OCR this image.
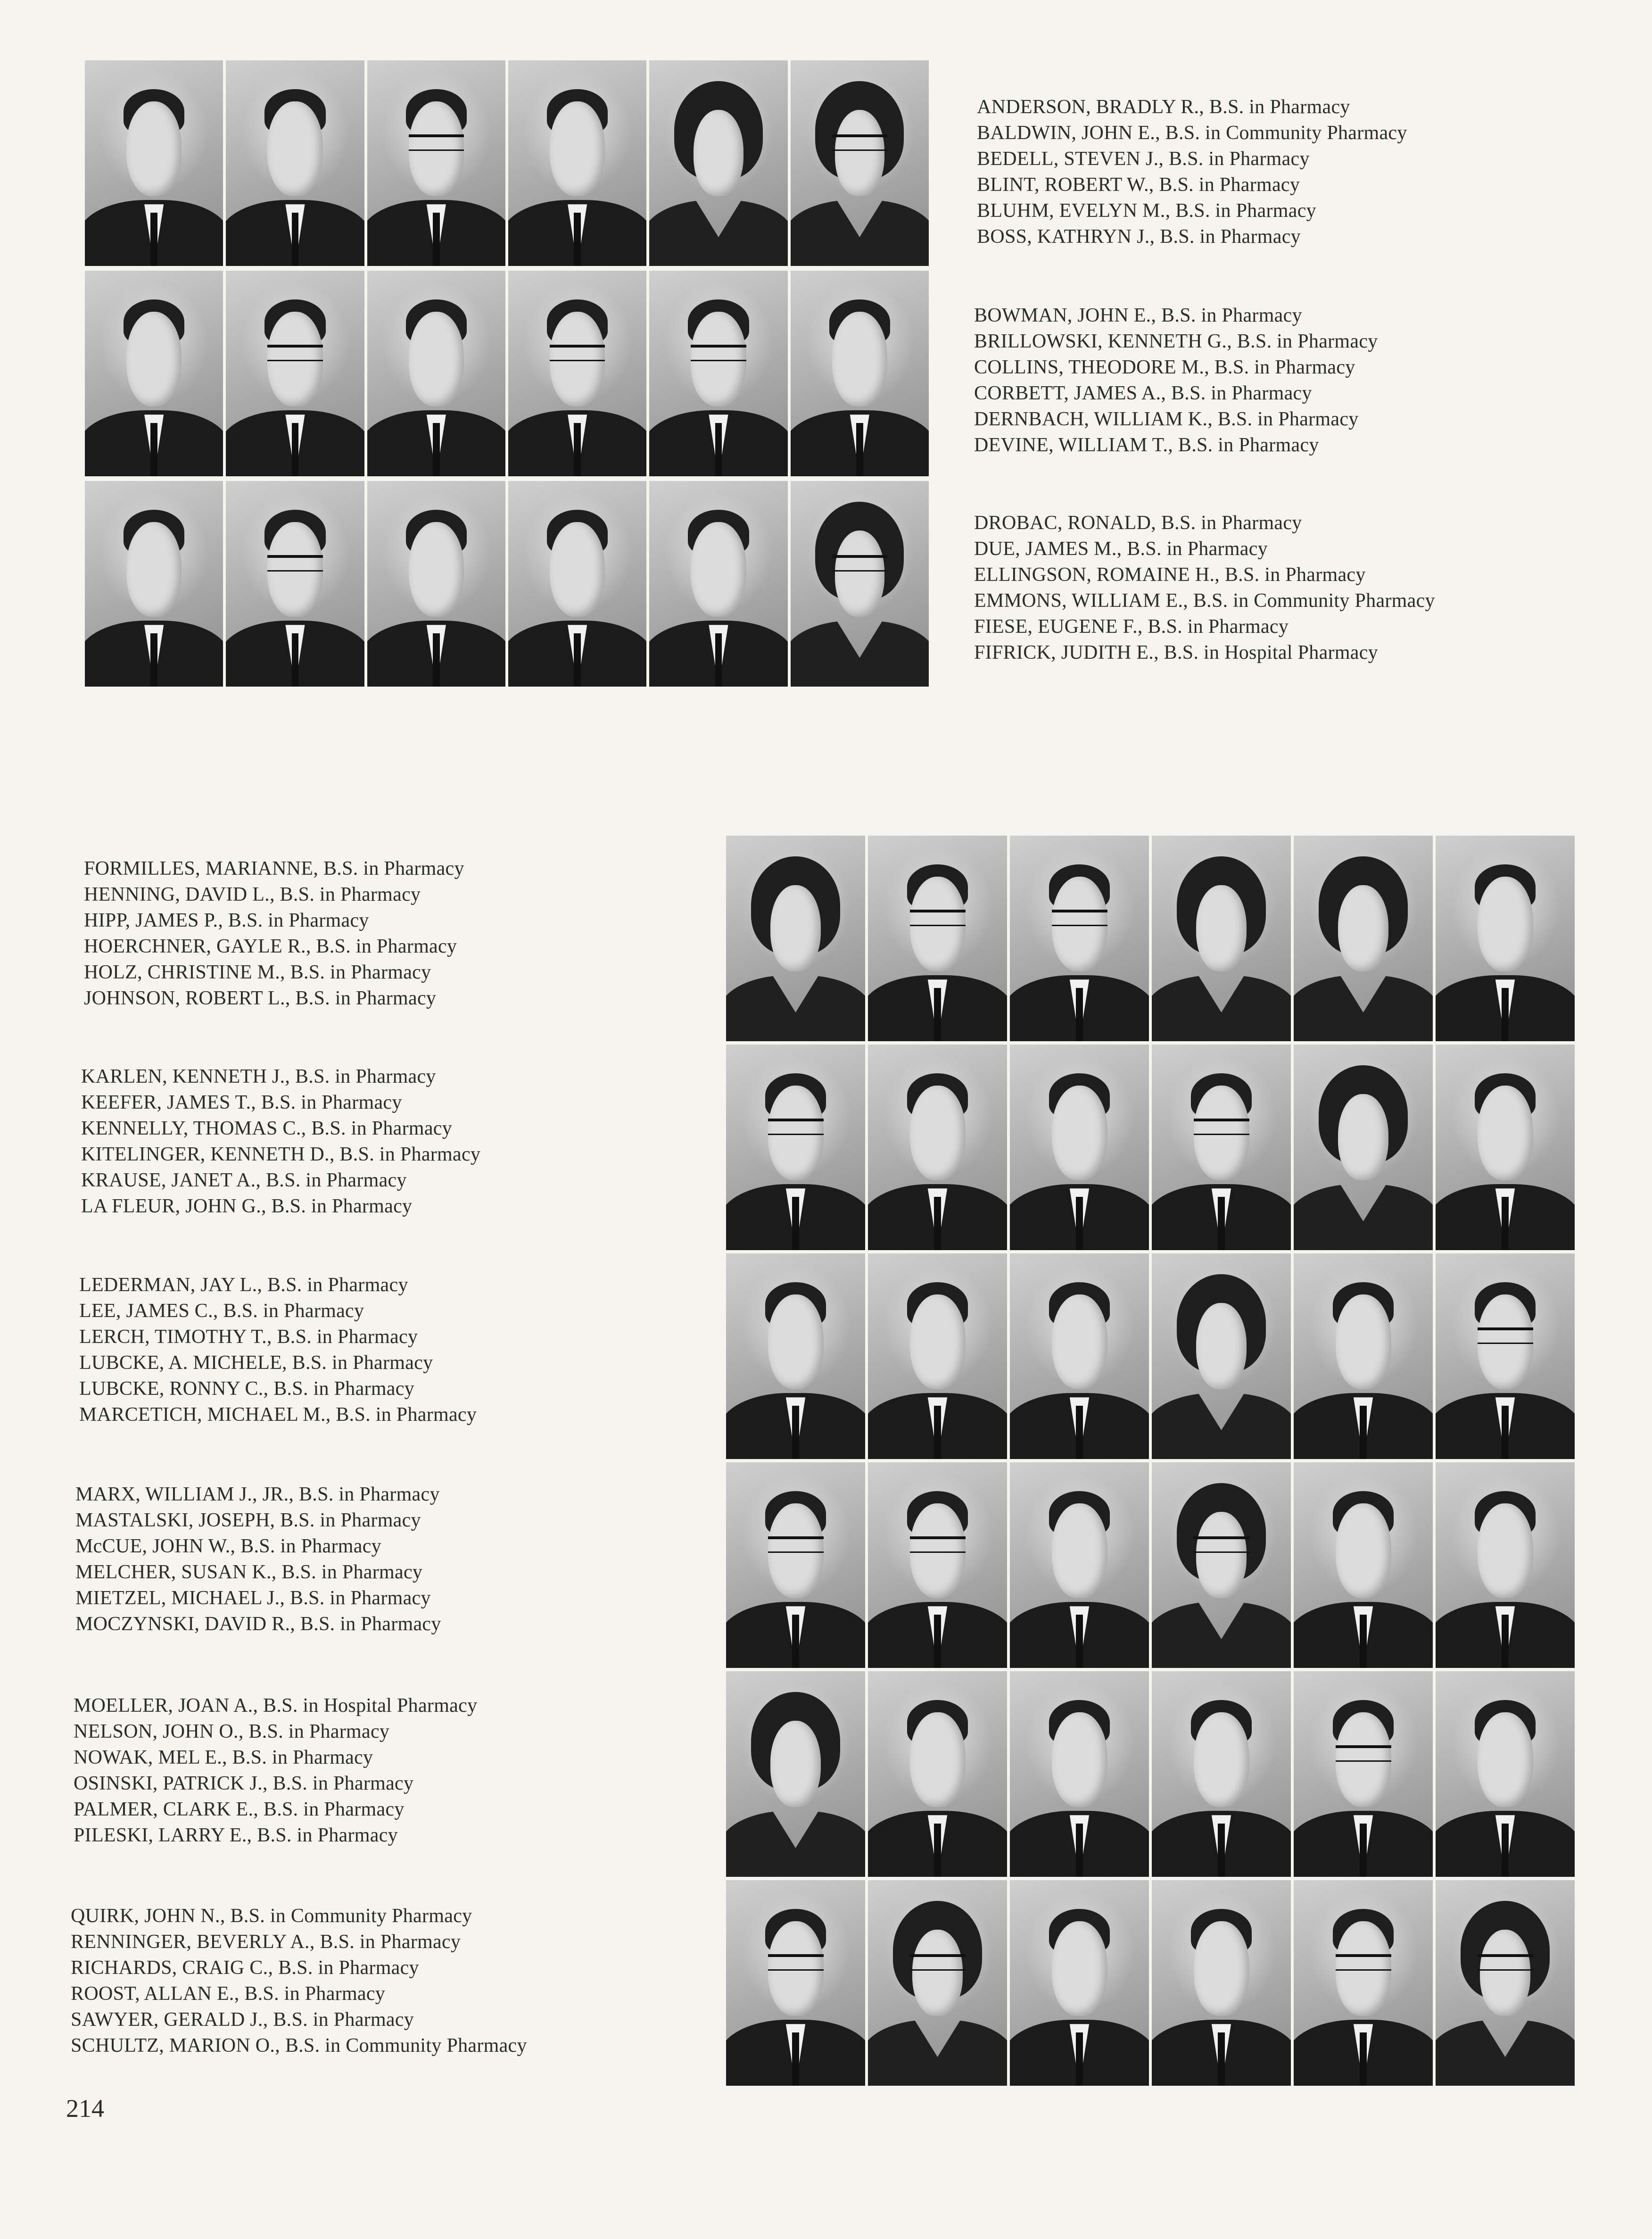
ANDERSON, BRADLY R., B.S. in Pharmacy
BALDWIN, JOHN E., B.S. in Community Pharmacy
BEDELL, STEVEN J., B.S. in Pharmacy
BLINT, ROBERT W., B.S. in Pharmacy
BLUHM, EVELYN M., B.S. in Pharmacy
BOSS, KATHRYN J., B.S. in Pharmacy
BOWMAN, JOHN E., B.S. in Pharmacy
BRILLOWSKI, KENNETH G., B.S. in Pharmacy
COLLINS, THEODORE M., B.S. in Pharmacy
CORBETT, JAMES A., B.S. in Pharmacy
DERNBACH, WILLIAM K., B.S. in Pharmacy
DEVINE, WILLIAM T., B.S. in Pharmacy
DROBAC, RONALD, B.S. in Pharmacy
DUE, JAMES M., B.S. in Pharmacy
ELLINGSON, ROMAINE H., B.S. in Pharmacy
EMMONS, WILLIAM E., B.S. in Community Pharmacy
FIESE, EUGENE F., B.S. in Pharmacy
FIFRICK, JUDITH E., B.S. in Hospital Pharmacy
FORMILLES, MARIANNE, B.S. in Pharmacy
HENNING, DAVID L., B.S. in Pharmacy
HIPP, JAMES P., B.S. in Pharmacy
HOERCHNER, GAYLE R., B.S. in Pharmacy
HOLZ, CHRISTINE M., B.S. in Pharmacy
JOHNSON, ROBERT L., B.S. in Pharmacy
KARLEN, KENNETH J., B.S. in Pharmacy
KEEFER, JAMES T., B.S. in Pharmacy
KENNELLY, THOMAS C., B.S. in Pharmacy
KITELINGER, KENNETH D., B.S. in Pharmacy
KRAUSE, JANET A., B.S. in Pharmacy
LA FLEUR, JOHN G., B.S. in Pharmacy
LEDERMAN, JAY L., B.S. in Pharmacy
LEE, JAMES C., B.S. in Pharmacy
LERCH, TIMOTHY T., B.S. in Pharmacy
LUBCKE, A. MICHELE, B.S. in Pharmacy
LUBCKE, RONNY C., B.S. in Pharmacy
MARCETICH, MICHAEL M., B.S. in Pharmacy
MARX, WILLIAM J., JR., B.S. in Pharmacy
MASTALSKI, JOSEPH, B.S. in Pharmacy
McCUE, JOHN W., B.S. in Pharmacy
MELCHER, SUSAN K., B.S. in Pharmacy
MIETZEL, MICHAEL J., B.S. in Pharmacy
MOCZYNSKI, DAVID R., B.S. in Pharmacy
MOELLER, JOAN A., B.S. in Hospital Pharmacy
NELSON, JOHN O., B.S. in Pharmacy
NOWAK, MEL E., B.S. in Pharmacy
OSINSKI, PATRICK J., B.S. in Pharmacy
PALMER, CLARK E., B.S. in Pharmacy
PILESKI, LARRY E., B.S. in Pharmacy
QUIRK, JOHN N., B.S. in Community Pharmacy
RENNINGER, BEVERLY A., B.S. in Pharmacy
RICHARDS, CRAIG C., B.S. in Pharmacy
ROOST, ALLAN E., B.S. in Pharmacy
SAWYER, GERALD J., B.S. in Pharmacy
SCHULTZ, MARION O., B.S. in Community Pharmacy
214
